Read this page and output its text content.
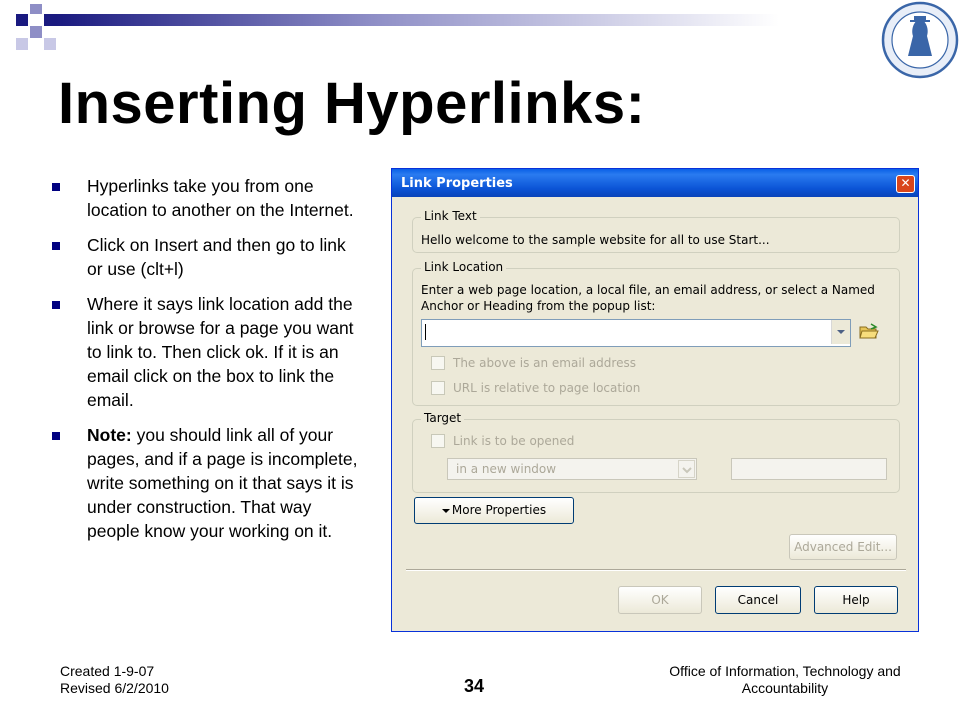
Inserting Hyperlinks:
Hyperlinks take you from one location to another on the Internet.
Click on Insert and then go to link or use (clt+l)
Where it says link location add the link or browse for a page you want to link to. Then click ok. If it is an email click on the box to link the email.
Note: you should link all of your pages, and if a page is incomplete, write something on it that says it is under construction. That way people know your working on it.
Link Properties	✕
Link Text
Hello welcome to the sample website for all to use Start...
Link Location
Enter a web page location, a local file, an email address, or select a Named
Anchor or Heading from the popup list:
The above is an email address
URL is relative to page location
Target
Link is to be opened
in a new window
More Properties
Advanced Edit...
OK	Cancel	Help
Created 1-9-07
Revised 6/2/2010	34
Office of Information, Technology and Accountability
